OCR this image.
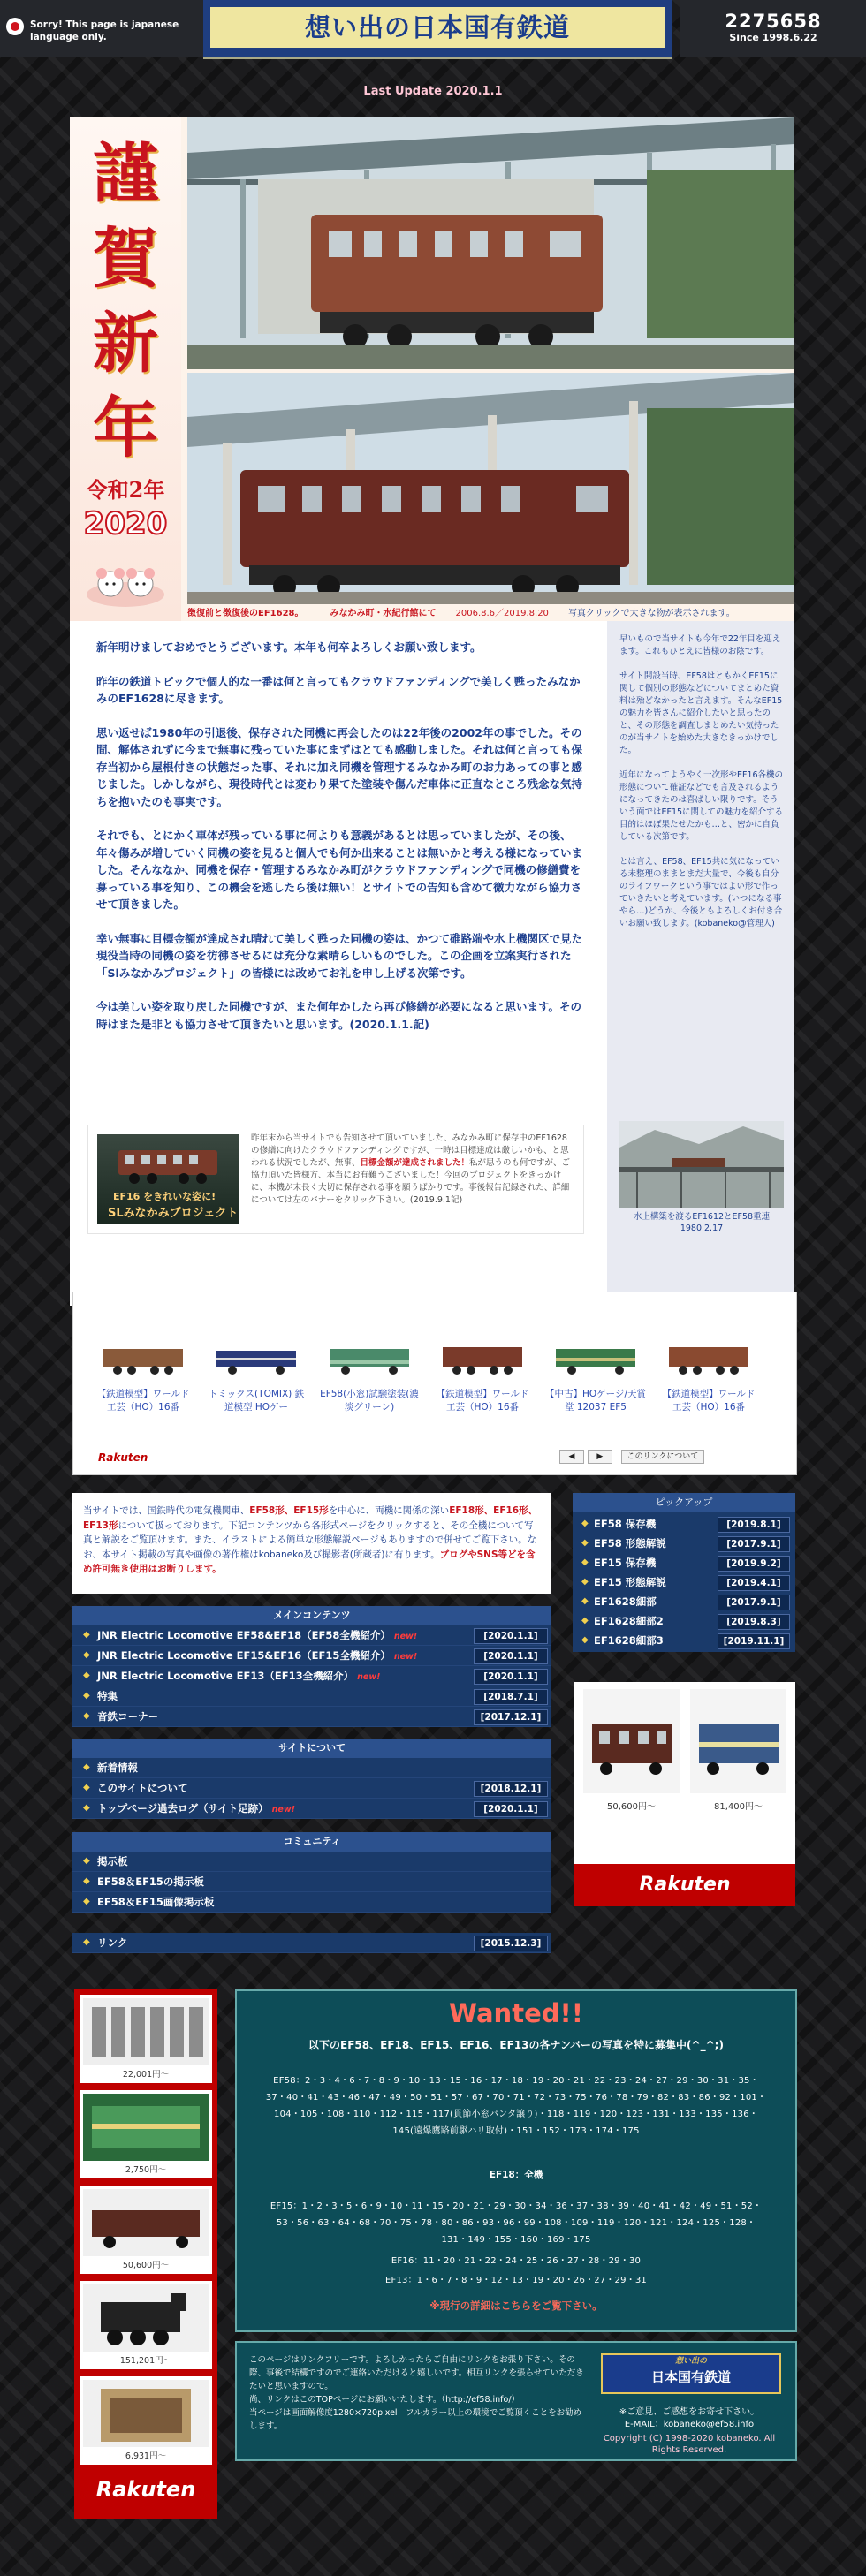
Sorry! This page is japanese language only.	想い出の日本国有鉄道	2275658
Since 1998.6.22
Last Update 2020.1.1
謹賀新年
令和2年
2020
徴復前と徴復後のEF1628。	みなかみ町・水紀行館にて 2006.8.6／2019.8.20 写真クリックで大きな物が表示されます。

新年明けましておめでとうございます。本年も何卒よろしくお願い致します。

昨年の鉄道トピックで個人的な一番は何と言ってもクラウドファンディングで美しく甦ったみなかみのEF1628に尽きます。

思い返せば1980年の引退後、保存された同機に再会したのは22年後の2002年の事でした。その間、解体されずに今まで無事に残っていた事にまずはとても感動しました。それは何と言っても保存当初から屋根付きの状態だった事、それに加え同機を管理するみなかみ町のお力あっての事と感じました。しかしながら、現役時代とは変わり果てた塗装や傷んだ車体に正直なところ残念な気持ちを抱いたのも事実です。

それでも、とにかく車体が残っている事に何よりも意義があるとは思っていましたが、その後、年々傷みが増していく同機の姿を見ると個人でも何か出来ることは無いかと考える様になっていました。そんななか、同機を保存・管理するみなかみ町がクラウドファンディングで同機の修繕費を募っている事を知り、この機会を逃したら後は無い！とサイトでの告知も含めて微力ながら協力させて頂きました。

幸い無事に目標金額が達成され晴れて美しく甦った同機の姿は、かつて碓路端や水上機関区で見た現役当時の同機の姿を彷彿させるには充分な素晴らしいものでした。この企画を立案実行された「Slみなかみプロジェクト」の皆様には改めてお礼を申し上げる次第です。

今は美しい姿を取り戻した同機ですが、また何年かしたら再び修繕が必要になると思います。その時はまた是非とも協力させて頂きたいと思います。(2020.1.1.記)

EF16 をきれいな姿に!
SLみなかみプロジェクト
昨年末から当サイトでも告知させて頂いていました、みなかみ町に保存中のEF1628の修繕に向けたクラウドファンディングですが、一時は目標達成は厳しいかも、と思われる状況でしたが、無事、目標金額が達成されました！私が思うのも何ですが、ご協力頂いた皆様方、本当にお有難うございました！今回のプロジェクトをきっかけに、本機が末長く大切に保存される事を願うばかりです。事後報告記録された、詳細については左のバナーをクリック下さい。(2019.9.1記)

早いもので当サイトも今年で22年目を迎えます。これもひとえに皆様のお陰です。

サイト開設当時、EF58はともかくEF15に関して個別の形態などについてまとめた資料は殆どなかったと言えます。そんなEF15の魅力を皆さんに紹介したいと思ったのと、その形態を調査しまとめたい気持ったのが当サイトを始めた大きなきっかけでした。

近年になってようやく一次形やEF16各機の形態について確証などでも言及されるようになってきたのは喜ばしい限りです。そういう面ではEF15に関しての魅力を紹介する目的はほぼ果たせたかも…と、密かに自負している次第です。

とは言え、EF58、EF15共に気になっている未整理のままとまだ大量で、今後も自分のライフワークという事ではよい形で作っていきたいと考えています。(いつになる事やら…)どうか、今後ともよろしくお付き合いお願い致します。(kobaneko@管理人)

水上構築を渡るEF1612とEF58重連 1980.2.17
【鉄道模型】ワールド工芸（HO）16番
トミックス(TOMIX) 鉄道模型 HOゲー
EF58(小窓)試験塗装(濃淡グリーン)
【鉄道模型】ワールド工芸（HO）16番
【中古】HOゲージ/天賞堂 12037 EF5
【鉄道模型】ワールド工芸（HO）16番
Rakuten	◀	▶	このリンクについて
当サイトでは、国鉄時代の電気機関車、EF58形、EF15形を中心に、両機に関係の深いEF18形、EF16形、EF13形について扱っております。下記コンテンツから各形式ページをクリックすると、その全機について写真と解説をご覧頂けます。また、イラストによる簡単な形態解説ページもありますので併せてご覧下さい。なお、本サイト掲載の写真や画像の著作権はkobaneko及び撮影者(所蔵者)に有ります。ブログやSNS等どを含め許可無き使用はお断りします。
メインコンテンツ
◆ JNR Electric Locomotive EF58&EF18（EF58全機紹介） new!	[2020.1.1]
◆ JNR Electric Locomotive EF15&EF16（EF15全機紹介） new!	[2020.1.1]
◆ JNR Electric Locomotive EF13（EF13全機紹介） new!	[2020.1.1]
◆ 特集	[2018.7.1]
◆ 音鉄コーナー	[2017.12.1]
サイトについて
◆ 新着情報
◆ このサイトについて	[2018.12.1]
◆ トップページ過去ログ（サイト足跡） new!	[2020.1.1]
コミュニティ
◆ 掲示板
◆ EF58＆EF15の掲示板
◆ EF58＆EF15画像掲示板
◆ リンク	[2015.12.3]
ピックアップ
◆ EF58 保存機	[2019.8.1]
◆ EF58 形態解説	[2017.9.1]
◆ EF15 保存機	[2019.9.2]
◆ EF15 形態解説	[2019.4.1]
◆ EF1628細部	[2017.9.1]
◆ EF1628細部2	[2019.8.3]
◆ EF1628細部3	[2019.11.1]
50,600円～	81,400円～
Rakuten
22,001円～
2,750円～
50,600円～
151,201円～
6,931円～
Rakuten
Wanted!!
以下のEF58、EF18、EF15、EF16、EF13の各ナンバーの写真を特に募集中(^_^;)
EF58：2・3・4・6・7・8・9・10・13・15・16・17・18・19・20・21・22・23・24・27・29・30・31・35・37・40・41・43・46・47・49・50・51・57・67・70・71・72・73・75・76・78・79・82・83・86・92・101・104・105・108・110・112・115・117(貫節小窓パンタ譲り)・118・119・120・123・131・133・135・136・145(遠爆鷹路前駆ハリ取付)・151・152・173・174・175
EF18：全機
EF15：1・2・3・5・6・9・10・11・15・20・21・29・30・34・36・37・38・39・40・41・42・49・51・52・53・56・63・64・68・70・75・78・80・86・93・96・99・108・109・119・120・121・124・125・128・131・149・155・160・169・175
EF16：11・20・21・22・24・25・26・27・28・29・30
EF13：1・6・7・8・9・12・13・19・20・26・27・29・31
※現行の詳細はこちらをご覧下さい。
このページはリンクフリーです。よろしかったらご自由にリンクをお張り下さい。その際、事後で結構ですのでご連絡いただけると嬉しいです。相互リンクを張らせていただきたいと思いますので。
尚、リンクはこのTOPページにお願いいたします。（http://ef58.info/）
当ページは画面解像度1280×720pixel　フルカラー以上の環境でご覧頂くことをお勧めします。
想い出の
日本国有鉄道
※ご意見、ご感想をお寄せ下さい。
E-MAIL：kobaneko@ef58.info
Copyright (C) 1998-2020 kobaneko. All Rights Reserved.
